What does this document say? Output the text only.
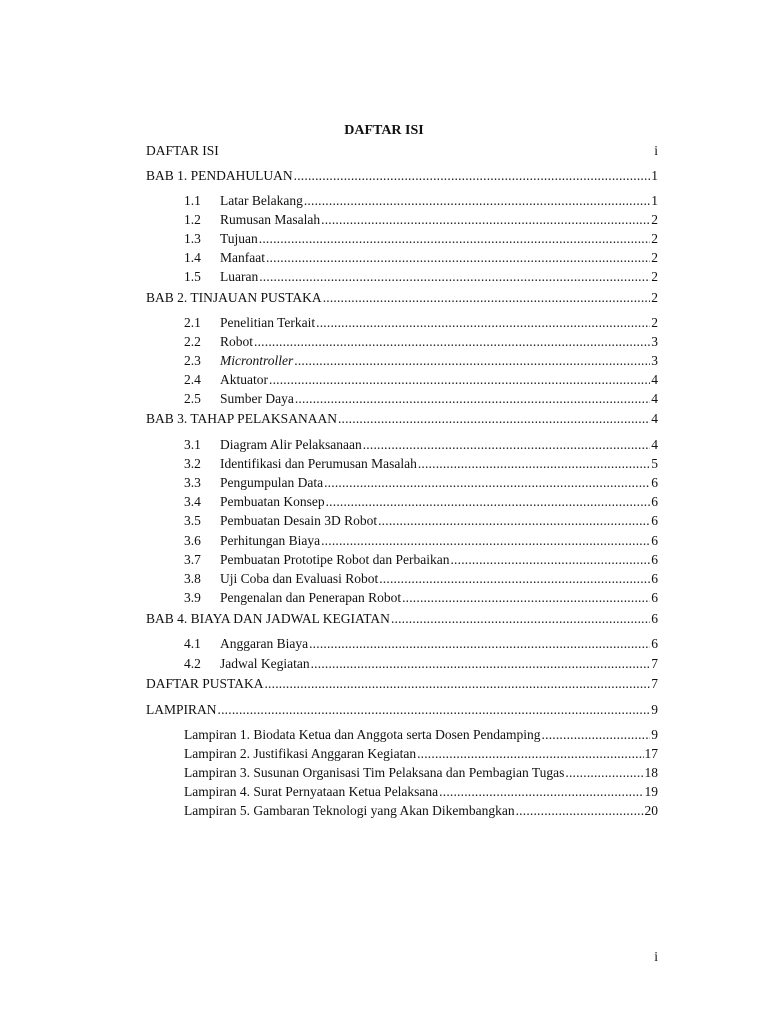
DAFTAR ISI
DAFTAR ISI	i
BAB 1. PENDAHULUAN .....	1
1.1	Latar Belakang .....	1
1.2	Rumusan Masalah .....	2
1.3	Tujuan .....	2
1.4	Manfaat .....	2
1.5	Luaran .....	2
BAB 2. TINJAUAN PUSTAKA .....	2
2.1	Penelitian Terkait .....	2
2.2	Robot .....	3
2.3	Microntroller .....	3
2.4	Aktuator .....	4
2.5	Sumber Daya .....	4
BAB 3. TAHAP PELAKSANAAN .....	4
3.1	Diagram Alir Pelaksanaan .....	4
3.2	Identifikasi dan Perumusan Masalah .....	5
3.3	Pengumpulan Data .....	6
3.4	Pembuatan Konsep .....	6
3.5	Pembuatan Desain 3D Robot .....	6
3.6	Perhitungan Biaya .....	6
3.7	Pembuatan Prototipe Robot dan Perbaikan .....	6
3.8	Uji Coba dan Evaluasi Robot .....	6
3.9	Pengenalan dan Penerapan Robot .....	6
BAB 4. BIAYA DAN JADWAL KEGIATAN .....	6
4.1	Anggaran Biaya .....	6
4.2	Jadwal Kegiatan .....	7
DAFTAR PUSTAKA .....	7
LAMPIRAN .....	9
Lampiran 1. Biodata Ketua dan Anggota serta Dosen Pendamping .....	9
Lampiran 2. Justifikasi Anggaran Kegiatan .....	17
Lampiran 3. Susunan Organisasi Tim Pelaksana dan Pembagian Tugas .....	18
Lampiran 4. Surat Pernyataan Ketua Pelaksana .....	19
Lampiran 5. Gambaran Teknologi yang Akan Dikembangkan .....	20
i
